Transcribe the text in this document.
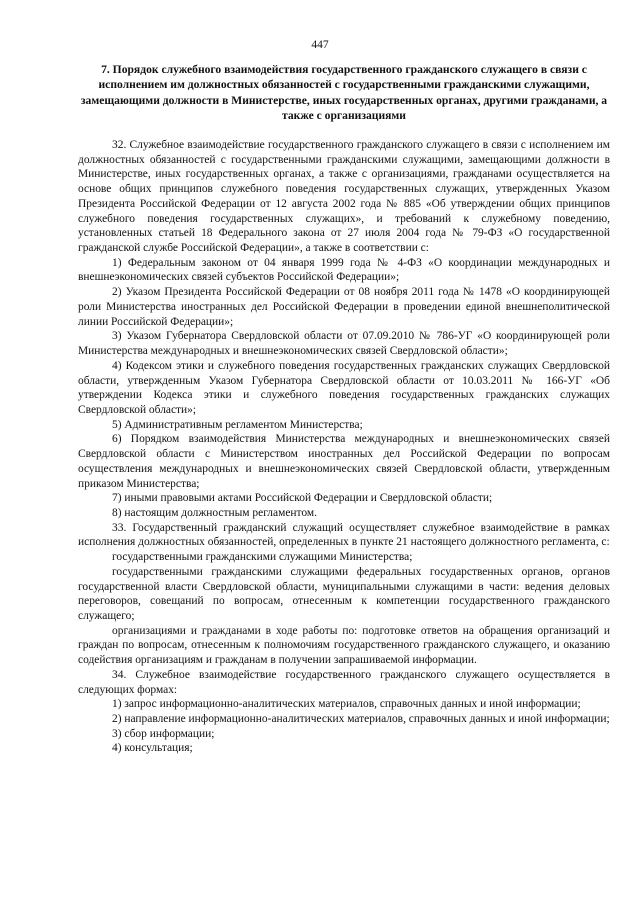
447
7. Порядок служебного взаимодействия государственного гражданского служащего в связи с исполнением им должностных обязанностей с государственными гражданскими служащими, замещающими должности в Министерстве, иных государственных органах, другими гражданами, а также с организациями

32. Служебное взаимодействие государственного гражданского служащего в связи с исполнением им должностных обязанностей с государственными гражданскими служащими, замещающими должности в Министерстве, иных государственных органах, а также с организациями, гражданами осуществляется на основе общих принципов служебного поведения государственных служащих, утвержденных Указом Президента Российской Федерации от 12 августа 2002 года № 885 «Об утверждении общих принципов служебного поведения государственных служащих», и требований к служебному поведению, установленных статьей 18 Федерального закона от 27 июля 2004 года № 79-ФЗ «О государственной гражданской службе Российской Федерации», а также в соответствии с:

1) Федеральным законом от 04 января 1999 года № 4-ФЗ «О координации международных и внешнеэкономических связей субъектов Российской Федерации»;

2) Указом Президента Российской Федерации от 08 ноября 2011 года № 1478 «О координирующей роли Министерства иностранных дел Российской Федерации в проведении единой внешнеполитической линии Российской Федерации»;

3) Указом Губернатора Свердловской области от 07.09.2010 № 786-УГ «О координирующей роли Министерства международных и внешнеэкономических связей Свердловской области»;

4) Кодексом этики и служебного поведения государственных гражданских служащих Свердловской области, утвержденным Указом Губернатора Свердловской области от 10.03.2011 № 166-УГ «Об утверждении Кодекса этики и служебного поведения государственных гражданских служащих Свердловской области»;

5) Административным регламентом Министерства;

6) Порядком взаимодействия Министерства международных и внешнеэкономических связей Свердловской области с Министерством иностранных дел Российской Федерации по вопросам осуществления международных и внешнеэкономических связей Свердловской области, утвержденным приказом Министерства;

7) иными правовыми актами Российской Федерации и Свердловской области;

8) настоящим должностным регламентом.

33. Государственный гражданский служащий осуществляет служебное взаимодействие в рамках исполнения должностных обязанностей, определенных в пункте 21 настоящего должностного регламента, с:

государственными гражданскими служащими Министерства;

государственными гражданскими служащими федеральных государственных органов, органов государственной власти Свердловской области, муниципальными служащими в части: ведения деловых переговоров, совещаний по вопросам, отнесенным к компетенции государственного гражданского служащего;

организациями и гражданами в ходе работы по: подготовке ответов на обращения организаций и граждан по вопросам, отнесенным к полномочиям государственного гражданского служащего, и оказанию содействия организациям и гражданам в получении запрашиваемой информации.

34. Служебное взаимодействие государственного гражданского служащего осуществляется в следующих формах:

1) запрос информационно-аналитических материалов, справочных данных и иной информации;

2) направление информационно-аналитических материалов, справочных данных и иной информации;

3) сбор информации;

4) консультация;
